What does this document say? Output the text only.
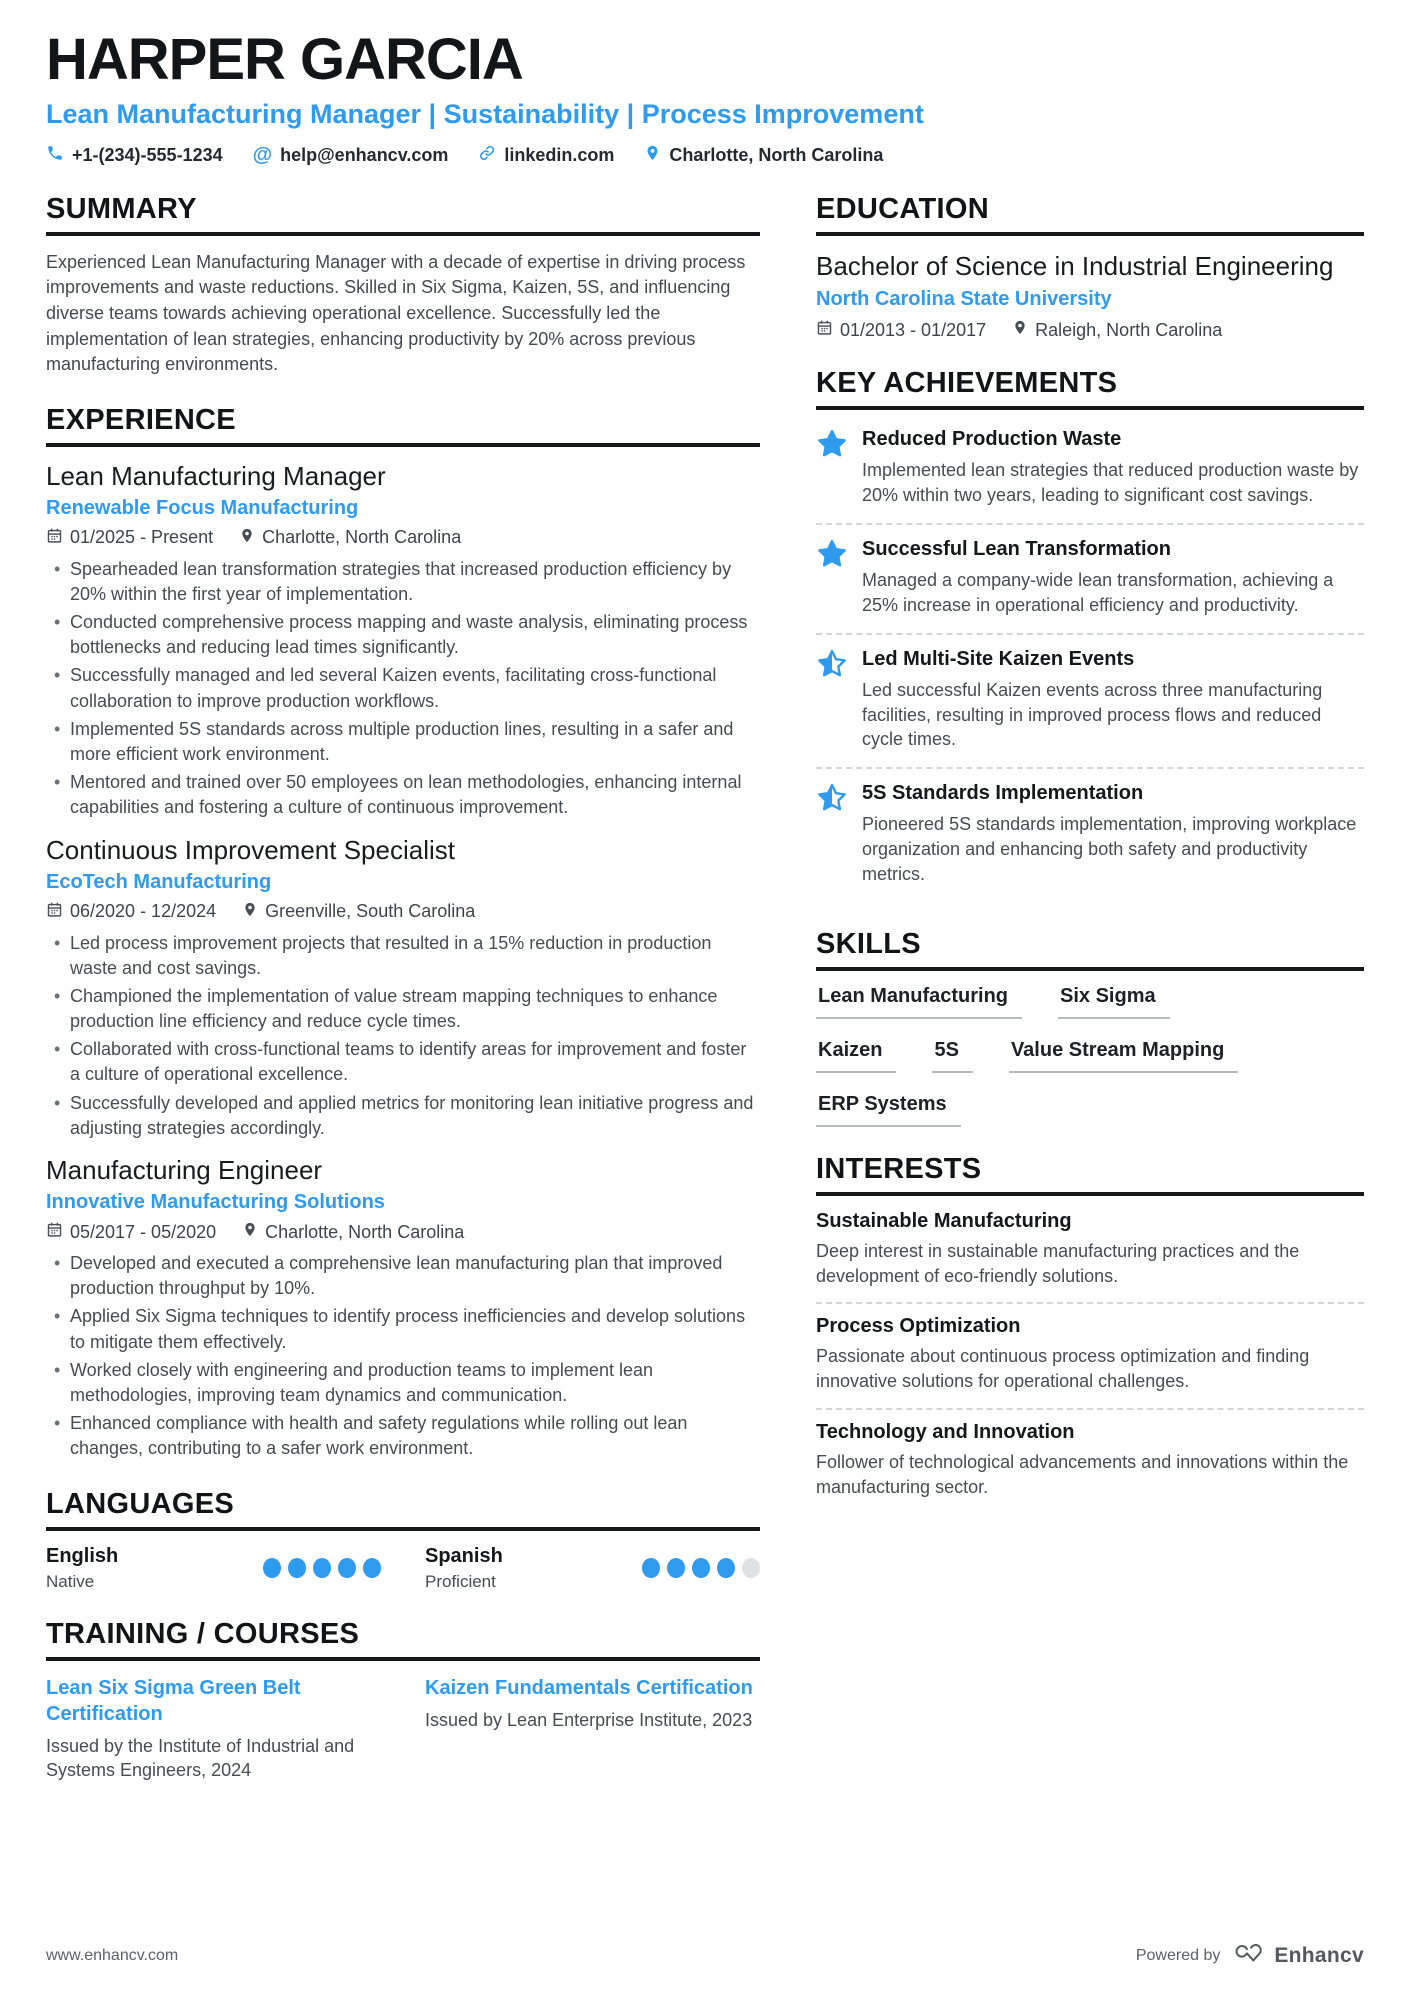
HARPER GARCIA
Lean Manufacturing Manager | Sustainability | Process Improvement
+1-(234)-555-1234 @ help@enhancv.com	linkedin.com	Charlotte, North Carolina
SUMMARY
Experienced Lean Manufacturing Manager with a decade of expertise in driving process improvements and waste reductions. Skilled in Six Sigma, Kaizen, 5S, and influencing diverse teams towards achieving operational excellence. Successfully led the implementation of lean strategies, enhancing productivity by 20% across previous manufacturing environments.
EXPERIENCE
Lean Manufacturing Manager
Renewable Focus Manufacturing
01/2025 - Present	Charlotte, North Carolina
• Spearheaded lean transformation strategies that increased production efficiency by 20% within the first year of implementation.
• Conducted comprehensive process mapping and waste analysis, eliminating process bottlenecks and reducing lead times significantly.
• Successfully managed and led several Kaizen events, facilitating cross-functional collaboration to improve production workflows.
• Implemented 5S standards across multiple production lines, resulting in a safer and more efficient work environment.
• Mentored and trained over 50 employees on lean methodologies, enhancing internal capabilities and fostering a culture of continuous improvement.
Continuous Improvement Specialist
EcoTech Manufacturing
06/2020 - 12/2024	Greenville, South Carolina
• Led process improvement projects that resulted in a 15% reduction in production waste and cost savings.
• Championed the implementation of value stream mapping techniques to enhance production line efficiency and reduce cycle times.
• Collaborated with cross-functional teams to identify areas for improvement and foster a culture of operational excellence.
• Successfully developed and applied metrics for monitoring lean initiative progress and adjusting strategies accordingly.
Manufacturing Engineer
Innovative Manufacturing Solutions
05/2017 - 05/2020	Charlotte, North Carolina
• Developed and executed a comprehensive lean manufacturing plan that improved production throughput by 10%.
• Applied Six Sigma techniques to identify process inefficiencies and develop solutions to mitigate them effectively.
• Worked closely with engineering and production teams to implement lean methodologies, improving team dynamics and communication.
• Enhanced compliance with health and safety regulations while rolling out lean changes, contributing to a safer work environment.
LANGUAGES
English
Native
Spanish
Proficient
TRAINING / COURSES
Lean Six Sigma Green Belt Certification
Issued by the Institute of Industrial and Systems Engineers, 2024
Kaizen Fundamentals Certification
Issued by Lean Enterprise Institute, 2023
EDUCATION
Bachelor of Science in Industrial Engineering
North Carolina State University
01/2013 - 01/2017	Raleigh, North Carolina
KEY ACHIEVEMENTS
Reduced Production Waste
Implemented lean strategies that reduced production waste by 20% within two years, leading to significant cost savings.
Successful Lean Transformation
Managed a company-wide lean transformation, achieving a 25% increase in operational efficiency and productivity.
Led Multi-Site Kaizen Events
Led successful Kaizen events across three manufacturing facilities, resulting in improved process flows and reduced cycle times.
5S Standards Implementation
Pioneered 5S standards implementation, improving workplace organization and enhancing both safety and productivity metrics.
SKILLS
Lean Manufacturing	Six Sigma
Kaizen	5S	Value Stream Mapping
ERP Systems
INTERESTS
Sustainable Manufacturing
Deep interest in sustainable manufacturing practices and the development of eco-friendly solutions.
Process Optimization
Passionate about continuous process optimization and finding innovative solutions for operational challenges.
Technology and Innovation
Follower of technological advancements and innovations within the manufacturing sector.
www.enhancv.com	Powered by	Enhancv
